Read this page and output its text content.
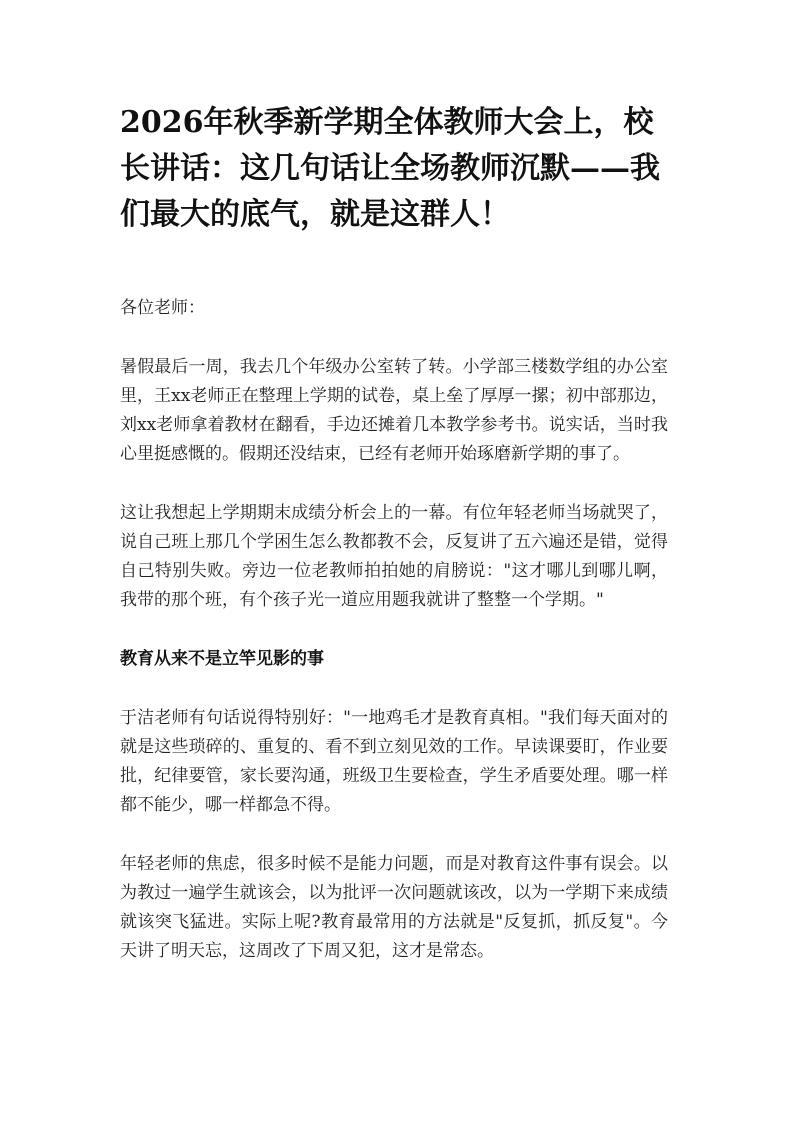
2026年秋季新学期全体教师大会上，校长讲话：这几句话让全场教师沉默——我们最大的底气，就是这群人！

各位老师：

暑假最后一周，我去几个年级办公室转了转。小学部三楼数学组的办公室里，王xx老师正在整理上学期的试卷，桌上垒了厚厚一摞；初中部那边，刘xx老师拿着教材在翻看，手边还摊着几本教学参考书。说实话，当时我心里挺感慨的。假期还没结束，已经有老师开始琢磨新学期的事了。

这让我想起上学期期末成绩分析会上的一幕。有位年轻老师当场就哭了，说自己班上那几个学困生怎么教都教不会，反复讲了五六遍还是错，觉得自己特别失败。旁边一位老教师拍拍她的肩膀说："这才哪儿到哪儿啊，我带的那个班，有个孩子光一道应用题我就讲了整整一个学期。"

教育从来不是立竿见影的事

于洁老师有句话说得特别好："一地鸡毛才是教育真相。"我们每天面对的就是这些琐碎的、重复的、看不到立刻见效的工作。早读课要盯，作业要批，纪律要管，家长要沟通，班级卫生要检查，学生矛盾要处理。哪一样都不能少，哪一样都急不得。

年轻老师的焦虑，很多时候不是能力问题，而是对教育这件事有误会。以为教过一遍学生就该会，以为批评一次问题就该改，以为一学期下来成绩就该突飞猛进。实际上呢?教育最常用的方法就是"反复抓，抓反复"。今天讲了明天忘，这周改了下周又犯，这才是常态。
